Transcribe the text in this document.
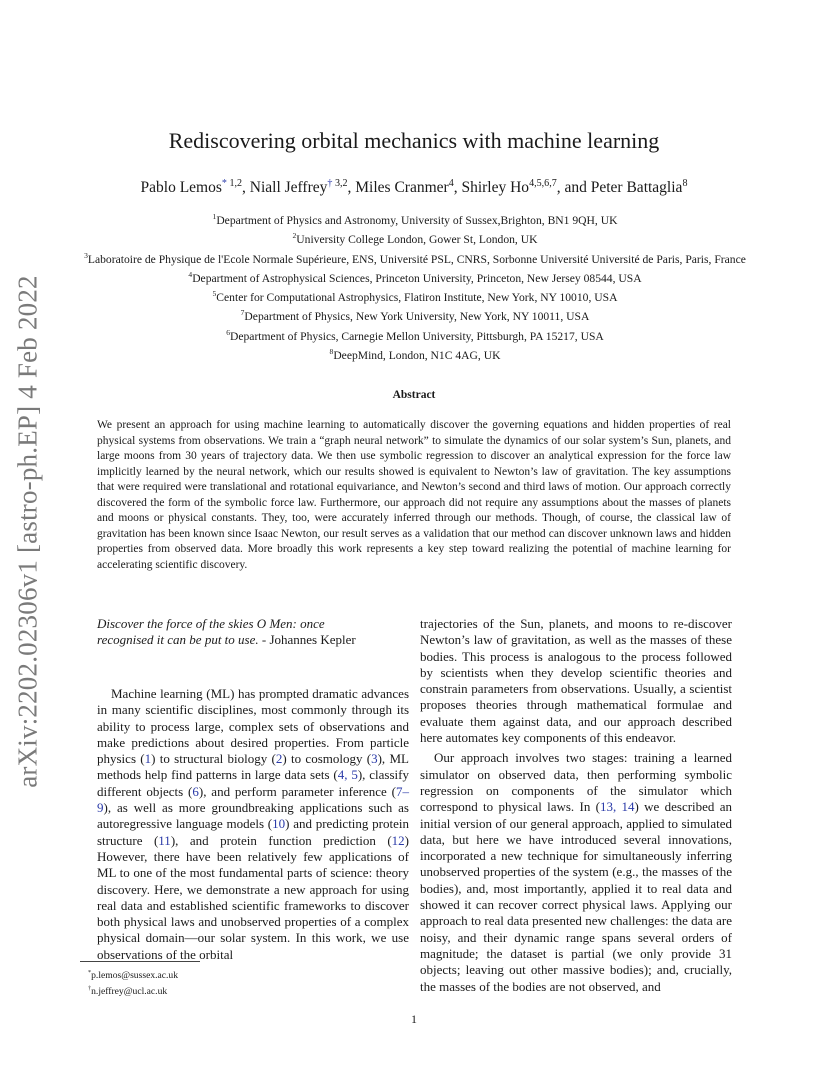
arXiv:2202.02306v1 [astro-ph.EP] 4 Feb 2022
Rediscovering orbital mechanics with machine learning
Pablo Lemos* $^{1,2}$, Niall Jeffrey† $^{3,2}$, Miles Cranmer$^4$, Shirley Ho$^{4,5,6,7}$, and Peter Battaglia$^8$
$^1$Department of Physics and Astronomy, University of Sussex,Brighton, BN1 9QH, UK
$^2$University College London, Gower St, London, UK
$^3$Laboratoire de Physique de l'Ecole Normale Supérieure, ENS, Université PSL, CNRS, Sorbonne Université Université de Paris, Paris, France
$^4$Department of Astrophysical Sciences, Princeton University, Princeton, New Jersey 08544, USA
$^5$Center for Computational Astrophysics, Flatiron Institute, New York, NY 10010, USA
$^7$Department of Physics, New York University, New York, NY 10011, USA
$^6$Department of Physics, Carnegie Mellon University, Pittsburgh, PA 15217, USA
$^8$DeepMind, London, N1C 4AG, UK
Abstract
We present an approach for using machine learning to automatically discover the governing equations and hidden properties of real physical systems from observations. We train a “graph neural network” to simulate the dynamics of our solar system’s Sun, planets, and large moons from 30 years of trajectory data. We then use symbolic regression to discover an analytical expression for the force law implicitly learned by the neural network, which our results showed is equivalent to Newton’s law of gravitation. The key assumptions that were required were translational and rotational equivariance, and Newton’s second and third laws of motion. Our approach correctly discovered the form of the symbolic force law. Furthermore, our approach did not require any assumptions about the masses of planets and moons or physical constants. They, too, were accurately inferred through our methods. Though, of course, the classical law of gravitation has been known since Isaac Newton, our result serves as a validation that our method can discover unknown laws and hidden properties from observed data. More broadly this work represents a key step toward realizing the potential of machine learning for accelerating scientific discovery.
Discover the force of the skies O Men: once recognised it can be put to use. - Johannes Kepler

Machine learning (ML) has prompted dramatic advances in many scientific disciplines, most commonly through its ability to process large, complex sets of observations and make predictions about desired properties. From particle physics (1) to structural biology (2) to cosmology (3), ML methods help find patterns in large data sets (4, 5), classify different objects (6), and perform parameter inference (7–9), as well as more groundbreaking applications such as autoregressive language models (10) and predicting protein structure (11), and protein function prediction (12) However, there have been relatively few applications of ML to one of the most fundamental parts of science: theory discovery. Here, we demonstrate a new approach for using real data and established scientific frameworks to discover both physical laws and unobserved properties of a complex physical domain—our solar system. In this work, we use observations of the orbital

trajectories of the Sun, planets, and moons to re-discover Newton’s law of gravitation, as well as the masses of these bodies. This process is analogous to the process followed by scientists when they develop scientific theories and constrain parameters from observations. Usually, a scientist proposes theories through mathematical formulae and evaluate them against data, and our approach described here automates key components of this endeavor.

Our approach involves two stages: training a learned simulator on observed data, then performing symbolic regression on components of the simulator which correspond to physical laws. In (13, 14) we described an initial version of our general approach, applied to simulated data, but here we have introduced several innovations, incorporated a new technique for simultaneously inferring unobserved properties of the system (e.g., the masses of the bodies), and, most importantly, applied it to real data and showed it can recover correct physical laws. Applying our approach to real data presented new challenges: the data are noisy, and their dynamic range spans several orders of magnitude; the dataset is partial (we only provide 31 objects; leaving out other massive bodies); and, crucially, the masses of the bodies are not observed, and

*p.lemos@sussex.ac.uk
†n.jeffrey@ucl.ac.uk
1
